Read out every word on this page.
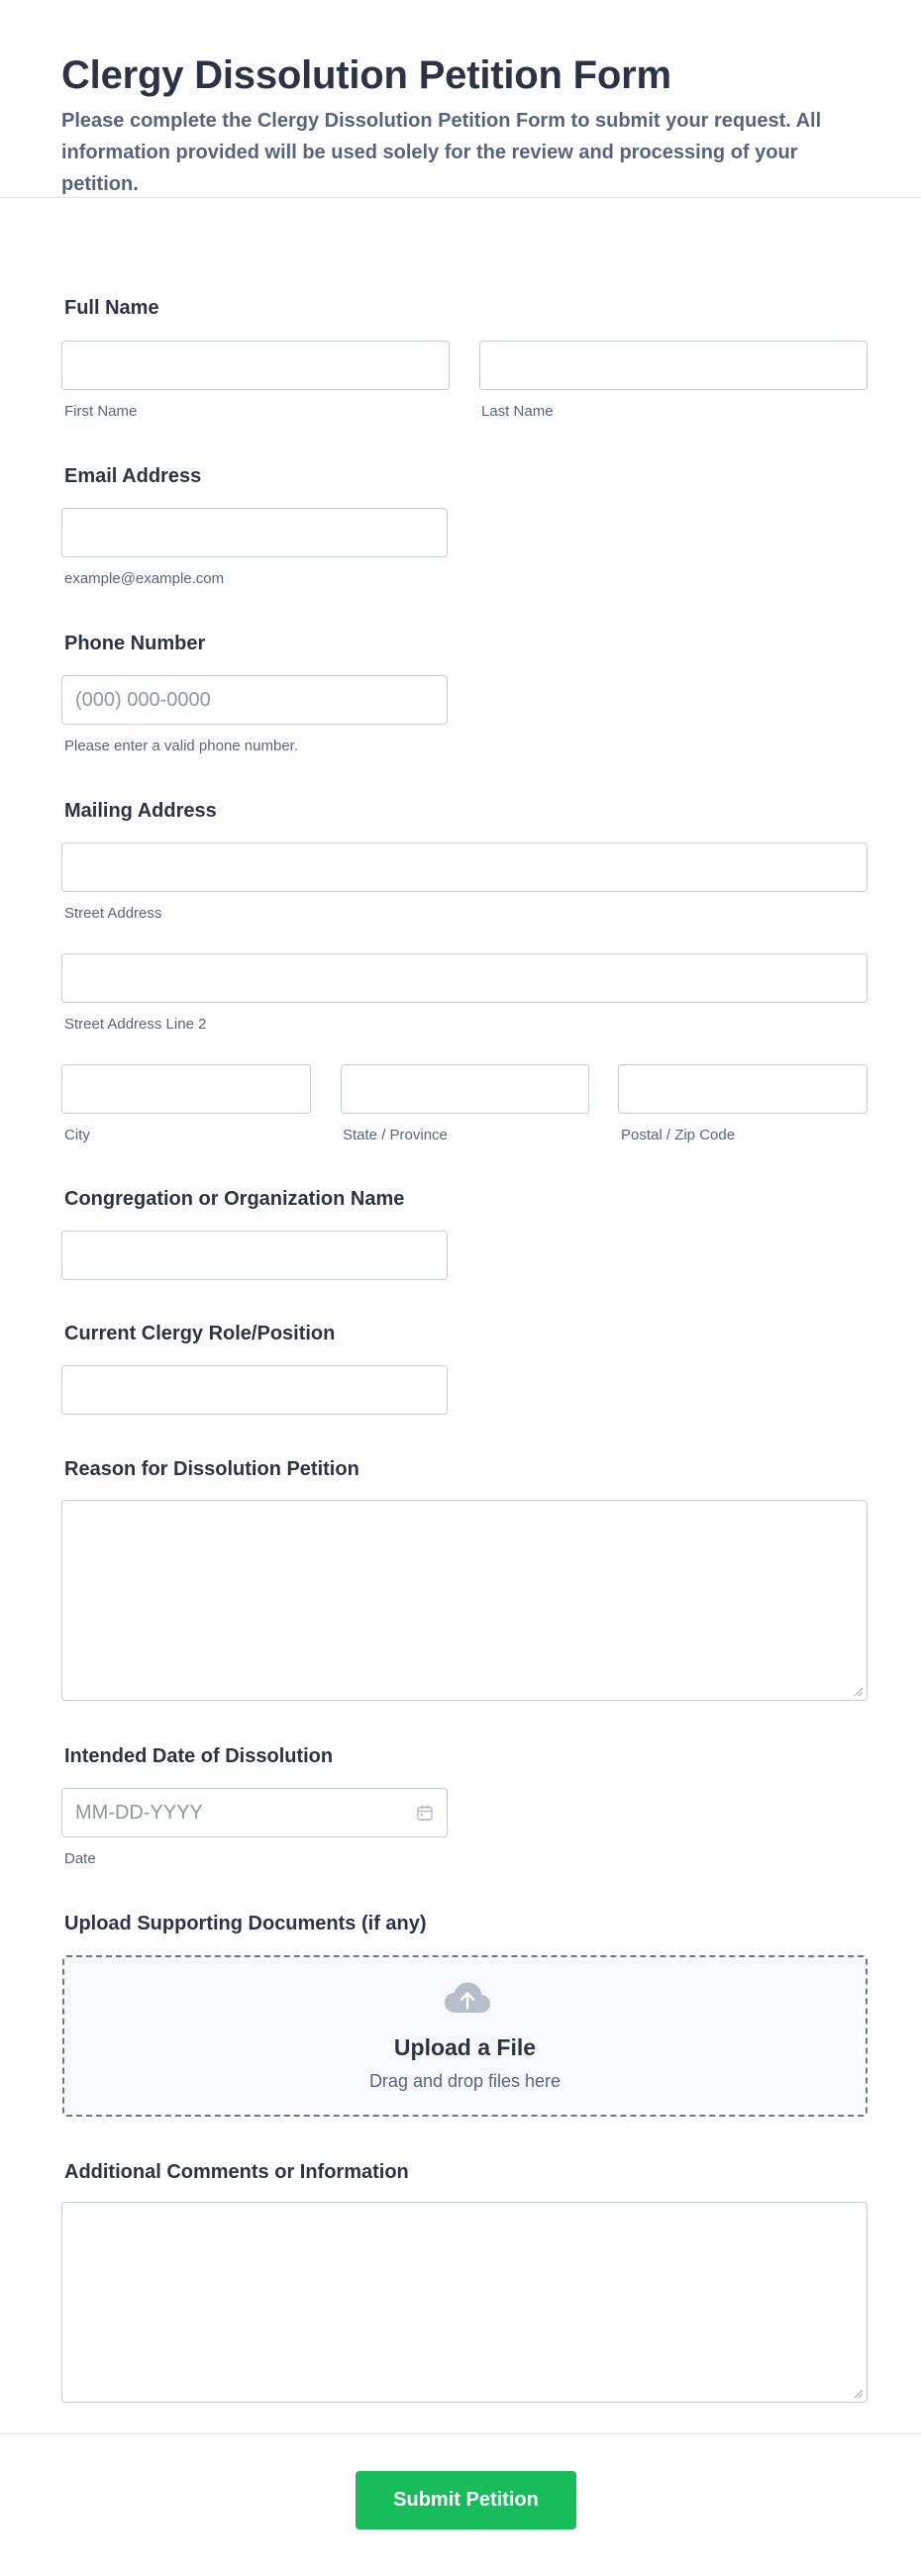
Clergy Dissolution Petition Form

Please complete the Clergy Dissolution Petition Form to submit your request. All information provided will be used solely for the review and processing of your petition.

Full Name
First Name	Last Name
Email Address
example@example.com
Phone Number
(000) 000-0000
Please enter a valid phone number.
Mailing Address
Street Address
Street Address Line 2
City	State / Province	Postal / Zip Code
Congregation or Organization Name
Current Clergy Role/Position
Reason for Dissolution Petition
Intended Date of Dissolution
MM-DD-YYYY
Date
Upload Supporting Documents (if any)
Upload a File
Drag and drop files here
Additional Comments or Information
Submit Petition
